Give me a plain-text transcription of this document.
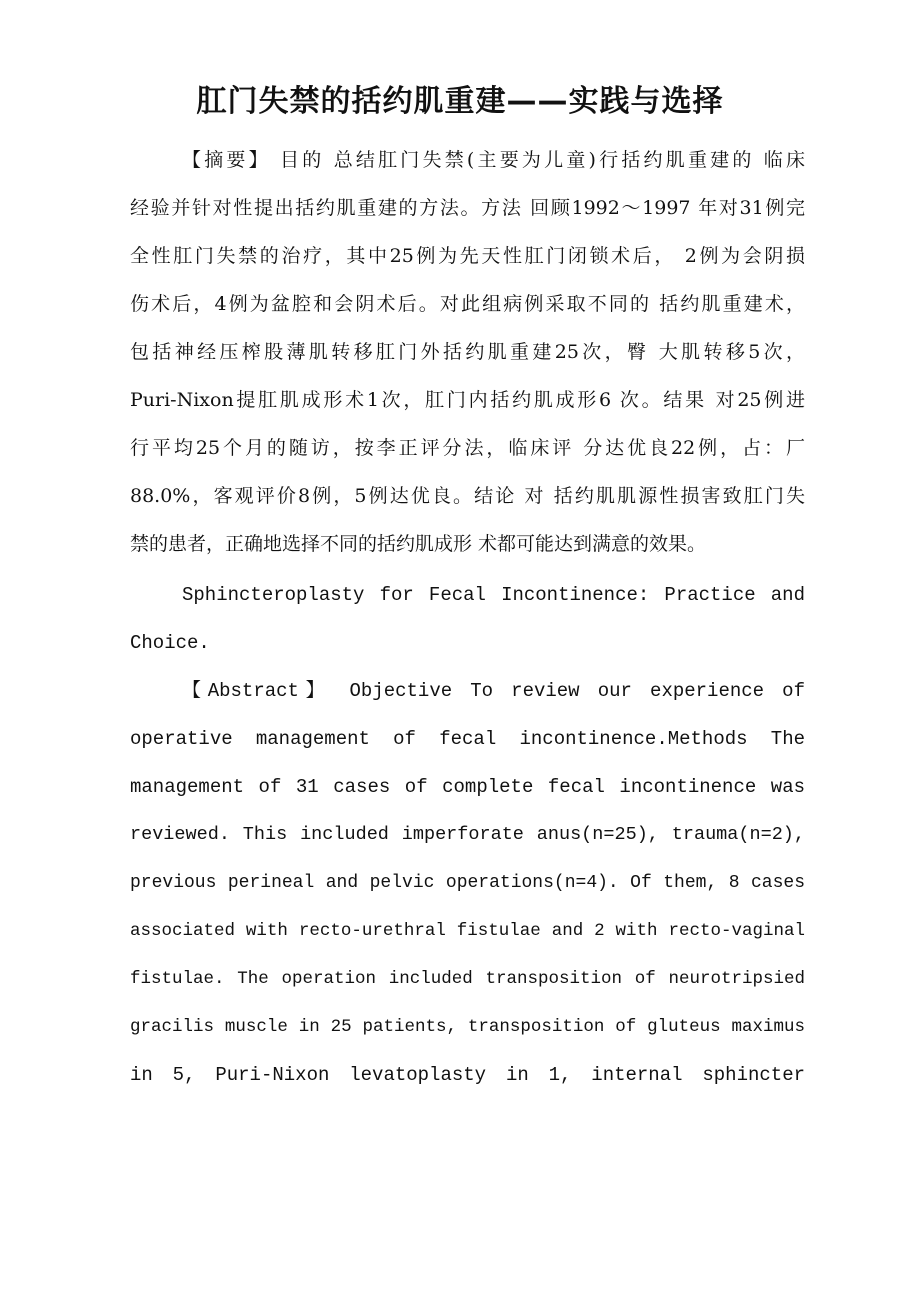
肛门失禁的括约肌重建——实践与选择

【摘要】 目的 总结肛门失禁(主要为儿童)行括约肌重建的 临床

经验并针对性提出括约肌重建的方法。方法 回顾1992～1997 年对31例完

全性肛门失禁的治疗，其中25例为先天性肛门闭锁术后， 2例为会阴损

伤术后，4例为盆腔和会阴术后。对此组病例采取不同的 括约肌重建术，

包括神经压榨股薄肌转移肛门外括约肌重建25次，臀 大肌转移5次，

Puri-Nixon提肛肌成形术1次，肛门内括约肌成形6 次。结果 对25例进

行平均25个月的随访，按李正评分法，临床评 分达优良22例，占：厂

88.0%，客观评价8例，5例达优良。结论 对 括约肌肌源性损害致肛门失

禁的患者，正确地选择不同的括约肌成形 术都可能达到满意的效果。

Sphincteroplasty for Fecal Incontinence: Practice and

Choice.

【Abstract】 Objective To review our experience of

operative management of fecal incontinence.Methods The

management of 31 cases of complete fecal incontinence was

reviewed. This included imperforate anus(n=25), trauma(n=2),

previous perineal and pelvic operations(n=4). Of them, 8 cases

associated with recto-urethral fistulae and 2 with recto-vaginal

fistulae. The operation included transposition of neurotripsied

gracilis muscle in 25 patients, transposition of gluteus maximus

in 5, Puri-Nixon levatoplasty in 1, internal sphincter
